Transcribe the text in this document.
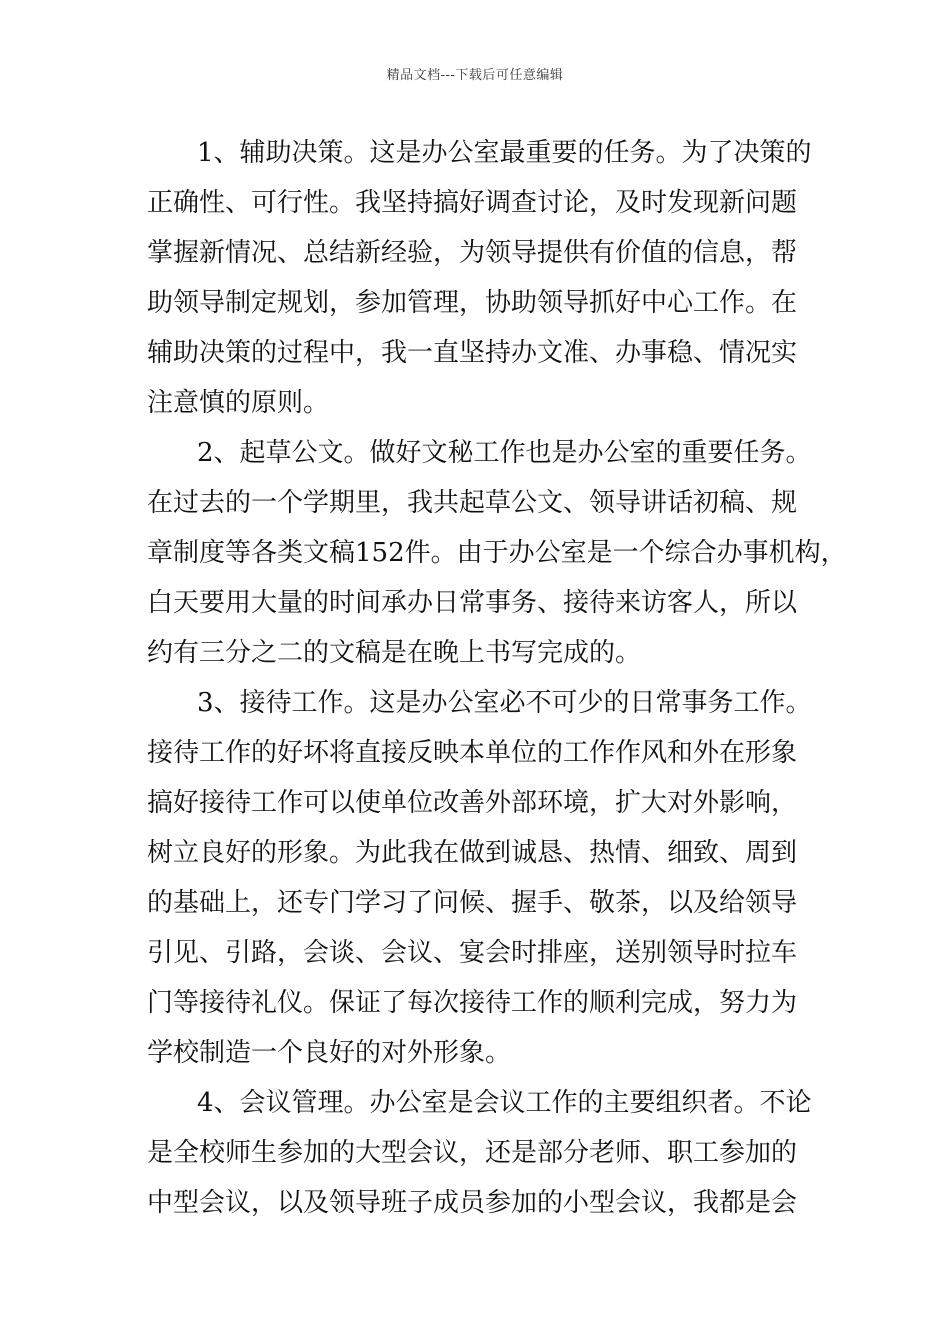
精品文档---下载后可任意编辑
1、辅助决策。这是办公室最重要的任务。为了决策的
正确性、可行性。我坚持搞好调查讨论，及时发现新问题
掌握新情况、总结新经验，为领导提供有价值的信息，帮
助领导制定规划，参加管理，协助领导抓好中心工作。在
辅助决策的过程中，我一直坚持办文准、办事稳、情况实
注意慎的原则。
2、起草公文。做好文秘工作也是办公室的重要任务。
在过去的一个学期里，我共起草公文、领导讲话初稿、规
章制度等各类文稿152件。由于办公室是一个综合办事机构，
白天要用大量的时间承办日常事务、接待来访客人，所以
约有三分之二的文稿是在晚上书写完成的。
3、接待工作。这是办公室必不可少的日常事务工作。
接待工作的好坏将直接反映本单位的工作作风和外在形象
搞好接待工作可以使单位改善外部环境，扩大对外影响，
树立良好的形象。为此我在做到诚恳、热情、细致、周到
的基础上，还专门学习了问候、握手、敬茶，以及给领导
引见、引路，会谈、会议、宴会时排座，送别领导时拉车
门等接待礼仪。保证了每次接待工作的顺利完成，努力为
学校制造一个良好的对外形象。
4、会议管理。办公室是会议工作的主要组织者。不论
是全校师生参加的大型会议，还是部分老师、职工参加的
中型会议，以及领导班子成员参加的小型会议，我都是会
